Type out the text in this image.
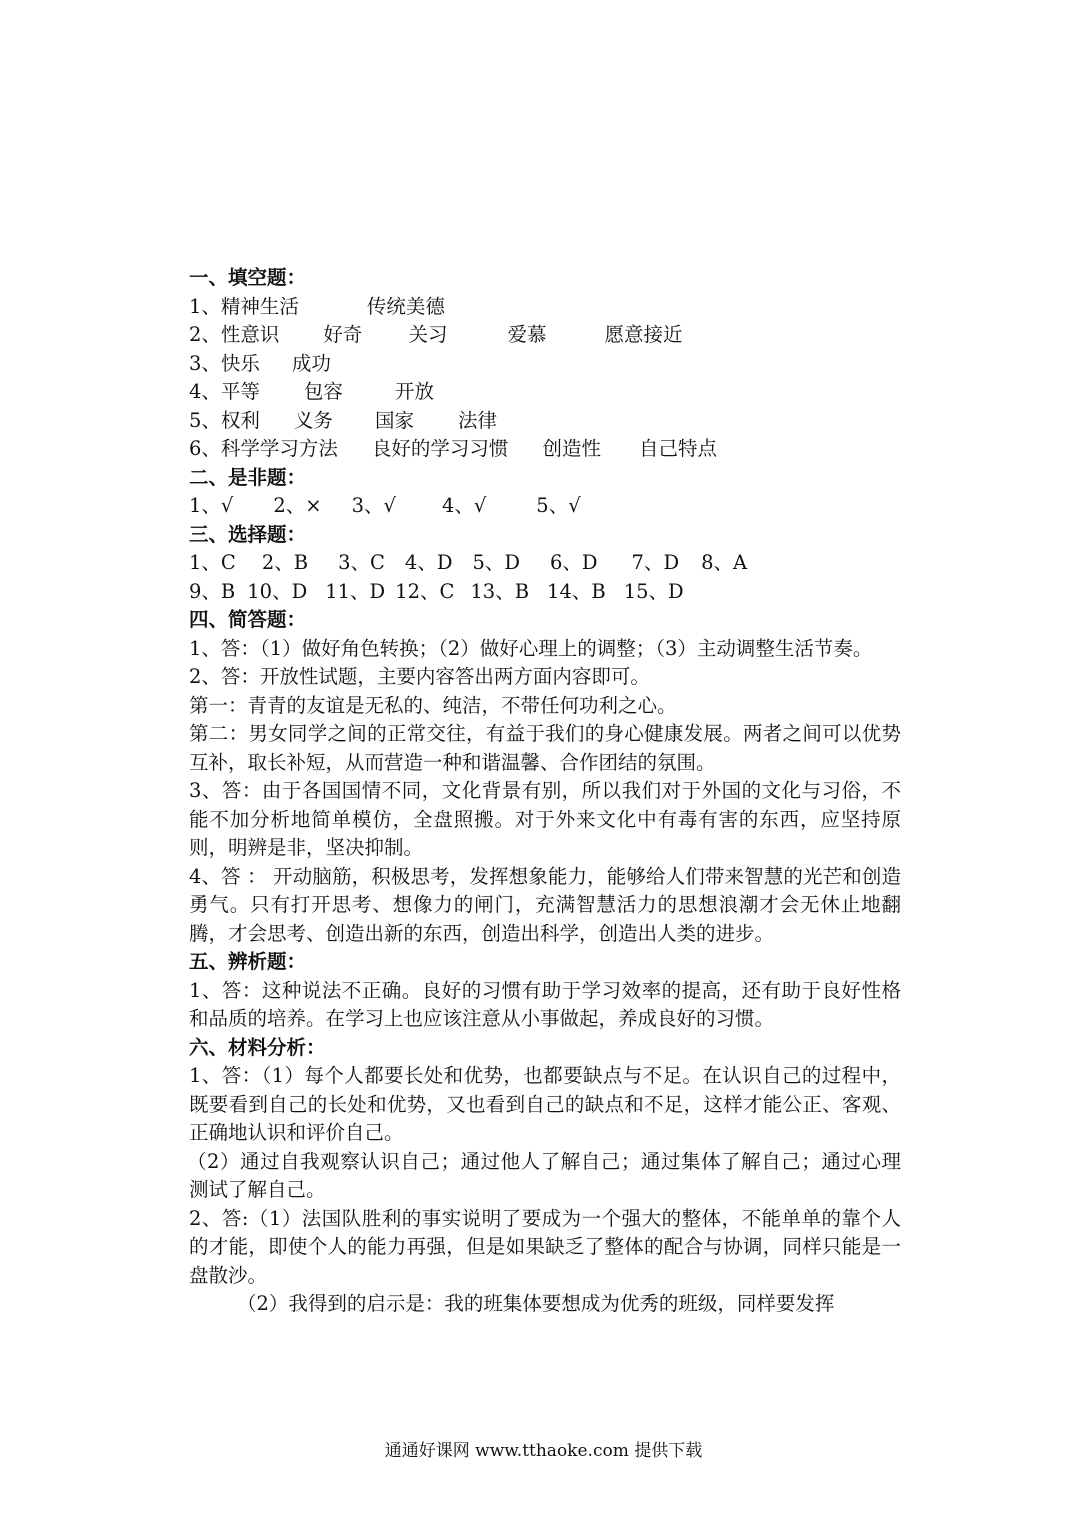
一、填空题：
1、精神生活	传统美德
2、性意识 好奇 关习	爱慕	愿意接近
3、快乐 成功
4、平等 包容	开放
5、权利 义务 国家 法律
6、科学学习方法 良好的学习习惯 创造性 自己特点
二、是非题：
1、√ 2、× 3、√ 4、√	5、√
三、选择题：
1、C 2、B 3、C 4、D 5、D 6、D 7、D 8、A
9、B 10、D 11、D 12、C 13、B 14、B 15、D
四、简答题：
1、答：（1）做好角色转换；（2）做好心理上的调整；（3）主动调整生活节奏。
2、答：开放性试题，主要内容答出两方面内容即可。
第一：青青的友谊是无私的、纯洁，不带任何功利之心。
第二：男女同学之间的正常交往，有益于我们的身心健康发展。两者之间可以优势互补，取长补短，从而营造一种和谐温馨、合作团结的氛围。
3、答：由于各国国情不同，文化背景有别，所以我们对于外国的文化与习俗，不能不加分析地简单模仿，全盘照搬。对于外来文化中有毒有害的东西，应坚持原则，明辨是非，坚决抑制。
4、答 ： 开动脑筋，积极思考，发挥想象能力，能够给人们带来智慧的光芒和创造勇气。只有打开思考、想像力的闸门，充满智慧活力的思想浪潮才会无休止地翻腾，才会思考、创造出新的东西，创造出科学，创造出人类的进步。
五、辨析题：
1、答：这种说法不正确。良好的习惯有助于学习效率的提高，还有助于良好性格和品质的培养。在学习上也应该注意从小事做起，养成良好的习惯。
六、材料分析：
1、答：（1）每个人都要长处和优势，也都要缺点与不足。在认识自己的过程中，既要看到自己的长处和优势，又也看到自己的缺点和不足，这样才能公正、客观、正确地认识和评价自己。
（2）通过自我观察认识自己；通过他人了解自己；通过集体了解自己；通过心理测试了解自己。
2、答:（1）法国队胜利的事实说明了要成为一个强大的整体，不能单单的靠个人的才能，即使个人的能力再强，但是如果缺乏了整体的配合与协调，同样只能是一盘散沙。
（2）我得到的启示是：我的班集体要想成为优秀的班级，同样要发挥
通通好课网 www.tthaoke.com 提供下载
